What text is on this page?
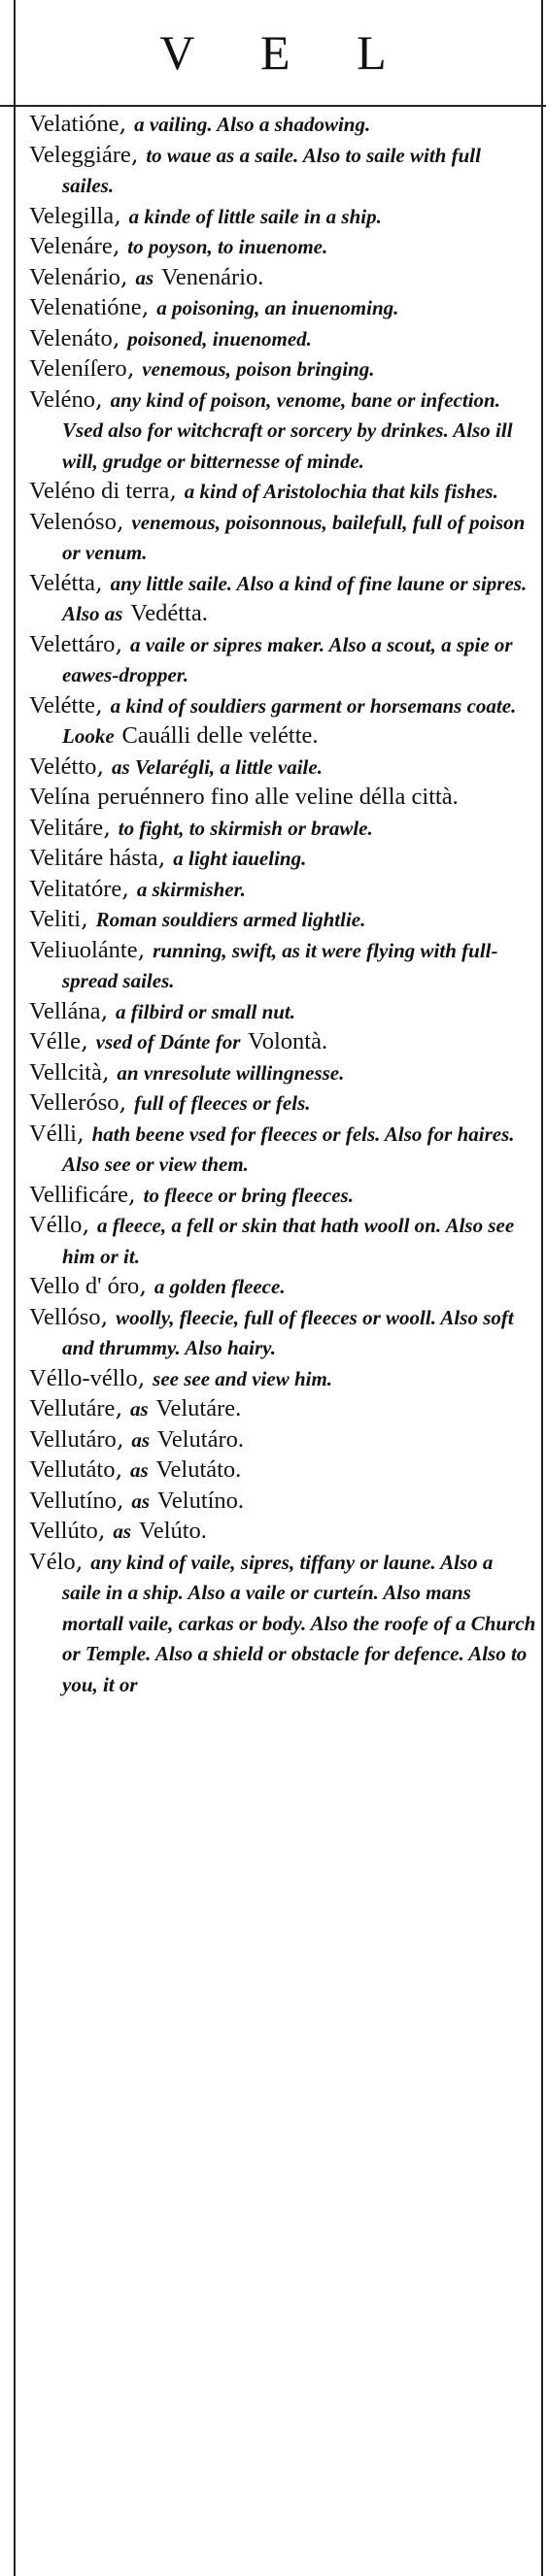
V E L

Velatióne, a vailing. Also a shadowing.

Veleggiáre, to waue as a saile. Also to saile with full sailes.

Velegilla, a kinde of little saile in a ship.

Velenáre, to poyson, to inuenome.

Velenário, as Venenário.

Velenatióne, a poisoning, an inuenoming.

Velenáto, poisoned, inuenomed.

Veleníſero, venemous, poison bringing.

Veléno, any kind of poison, venome, bane or infection. Vsed also for witchcraft or sorcery by drinkes. Also ill will, grudge or bitternesse of minde.

Veléno di terra, a kind of Aristolochia that kils fishes.

Velenóso, venemous, poisonnous, bailefull, full of poison or venum.

Velétta, any little saile. Also a kind of fine laune or sipres. Also as Vedétta.

Velettáro, a vaile or sipres maker. Also a scout, a spie or eawes-dropper.

Velétte, a kind of souldiers garment or horsemans coate. Looke Cauálli delle velétte.

Velétto, as Velarégli, a little vaile.

Velína peruénnero fino alle veline délla città.

Velitáre, to fight, to skirmish or brawle.

Velitáre hásta, a light iaueling.

Velitatóre, a skirmisher.

Veliti, Roman souldiers armed lightlie.

Veliuolánte, running, swift, as it were flying with full-spread sailes.

Vellána, a filbird or small nut.

Vélle, vsed of Dánte for Volontà.

Vellcità, an vnresolute willingnesse.

Velleróso, full of fleeces or fels.

Vélli, hath beene vsed for fleeces or fels. Also for haires. Also see or view them.

Vellificáre, to fleece or bring fleeces.

Véllo, a fleece, a fell or skin that hath wooll on. Also see him or it.

Vello d' óro, a golden fleece.

Vellóso, woolly, fleecie, full of fleeces or wooll. Also soft and thrummy. Also hairy.

Véllo-véllo, see see and view him.

Vellutáre, as Velutáre.

Vellutáro, as Velutáro.

Vellutáto, as Velutáto.

Vellutíno, as Velutíno.

Vellúto, as Velúto.

Vélo, any kind of vaile, sipres, tiffany or laune. Also a saile in a ship. Also a vaile or curteín. Also mans mortall vaile, carkas or body. Also the roofe of a Church or Temple. Also a shield or obstacle for defence. Also to you, it or
